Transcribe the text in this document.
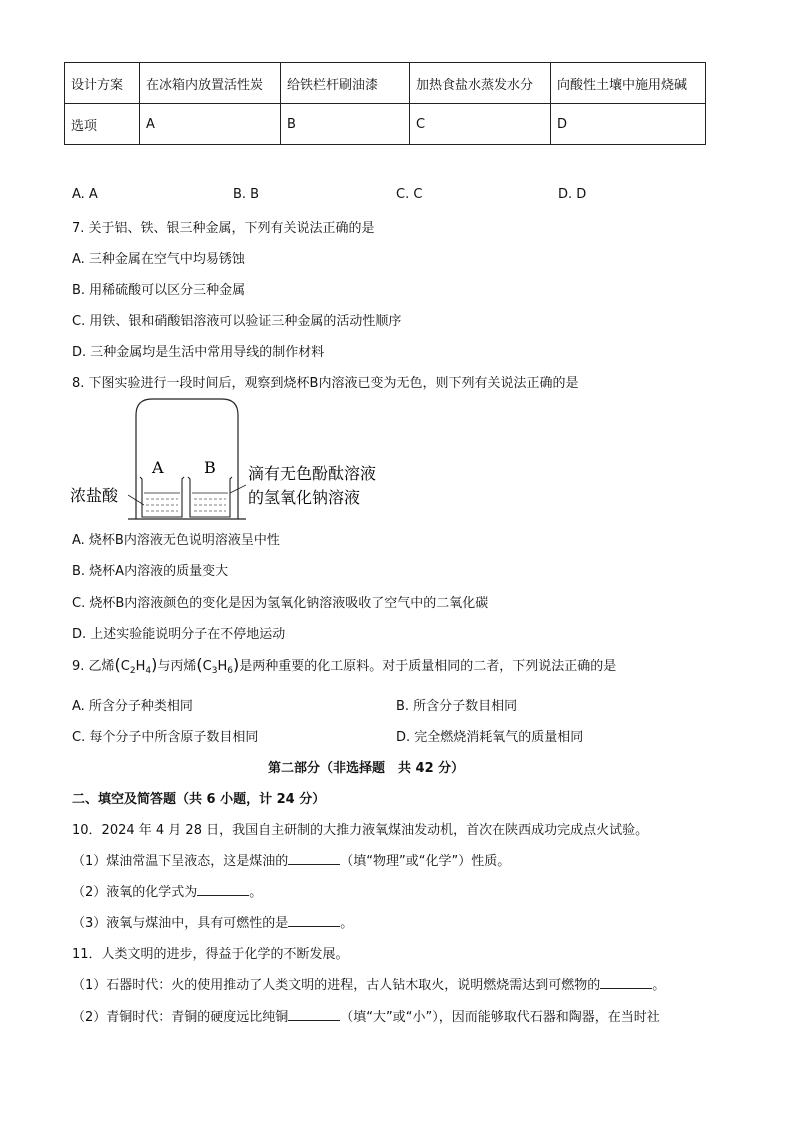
设计方案	在冰箱内放置活性炭	给铁栏杆刷油漆	加热食盐水蒸发水分	向酸性土壤中施用烧碱
选项	A	B	C	D
A. A	B. B	C. C	D. D
7. 关于铝、铁、银三种金属，下列有关说法正确的是
A. 三种金属在空气中均易锈蚀
B. 用稀硫酸可以区分三种金属
C. 用铁、银和硝酸铝溶液可以验证三种金属的活动性顺序
D. 三种金属均是生活中常用导线的制作材料
8. 下图实验进行一段时间后，观察到烧杯B内溶液已变为无色，则下列有关说法正确的是
A	B
浓盐酸
滴有无色酚酞溶液
的氢氧化钠溶液
A. 烧杯B内溶液无色说明溶液呈中性
B. 烧杯A内溶液的质量变大
C. 烧杯B内溶液颜色的变化是因为氢氧化钠溶液吸收了空气中的二氧化碳
D. 上述实验能说明分子在不停地运动
9. 乙烯$(C_2H_4)$与丙烯$(C_3H_6)$是两种重要的化工原料。对于质量相同的二者，下列说法正确的是
A. 所含分子种类相同	B. 所含分子数目相同
C. 每个分子中所含原子数目相同	D. 完全燃烧消耗氧气的质量相同
第二部分（非选择题　共 42 分）
二、填空及简答题（共 6 小题，计 24 分）
10．2024 年 4 月 28 日，我国自主研制的大推力液氧煤油发动机，首次在陕西成功完成点火试验。
（1）煤油常温下呈液态，这是煤油的	（填“物理”或“化学”）性质。
（2）液氧的化学式为	。
（3）液氧与煤油中，具有可燃性的是	。
11．人类文明的进步，得益于化学的不断发展。
（1）石器时代：火的使用推动了人类文明的进程，古人钻木取火，说明燃烧需达到可燃物的	。
（2）青铜时代：青铜的硬度远比纯铜	（填“大”或“小”），因而能够取代石器和陶器，在当时社
